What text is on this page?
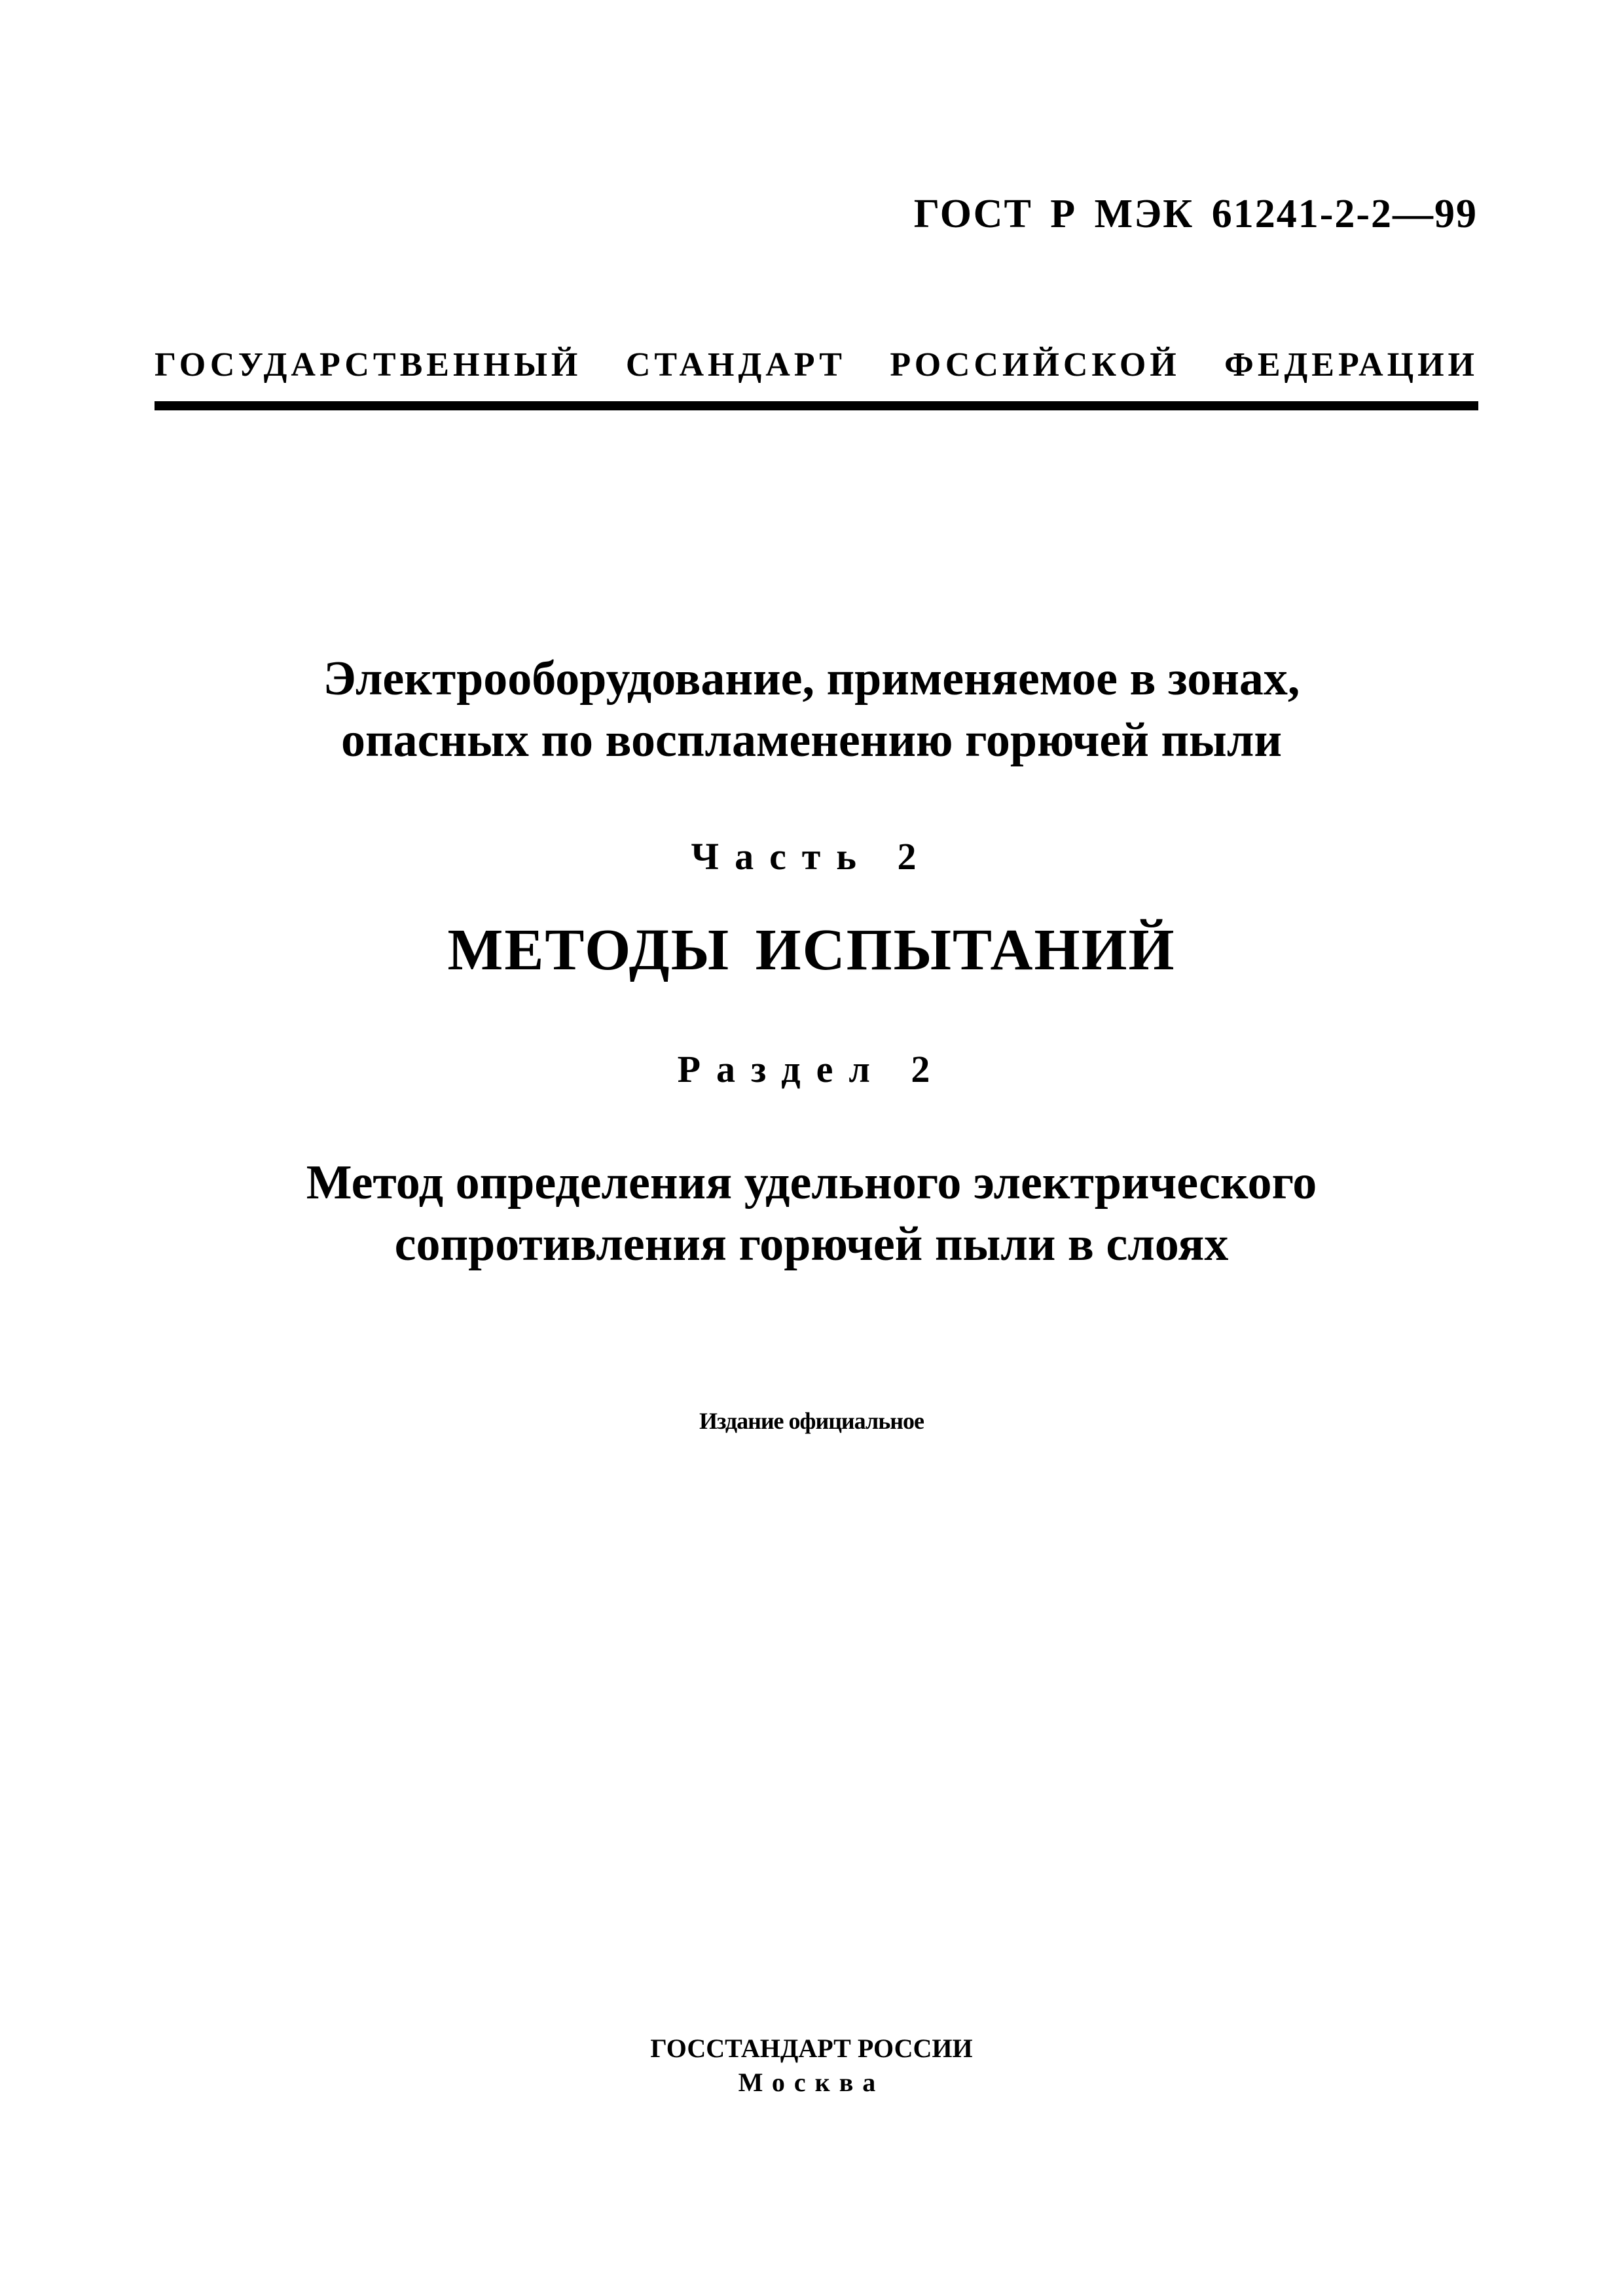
ГОСТ Р МЭК 61241-2-2—99
ГОСУДАРСТВЕННЫЙ СТАНДАРТ РОССИЙСКОЙ ФЕДЕРАЦИИ
Электрооборудование, применяемое в зонах,
опасных по воспламенению горючей пыли
Часть 2
МЕТОДЫ ИСПЫТАНИЙ
Раздел 2
Метод определения удельного электрического
сопротивления горючей пыли в слоях
Издание официальное
ГОССТАНДАРТ РОССИИ
Москва
